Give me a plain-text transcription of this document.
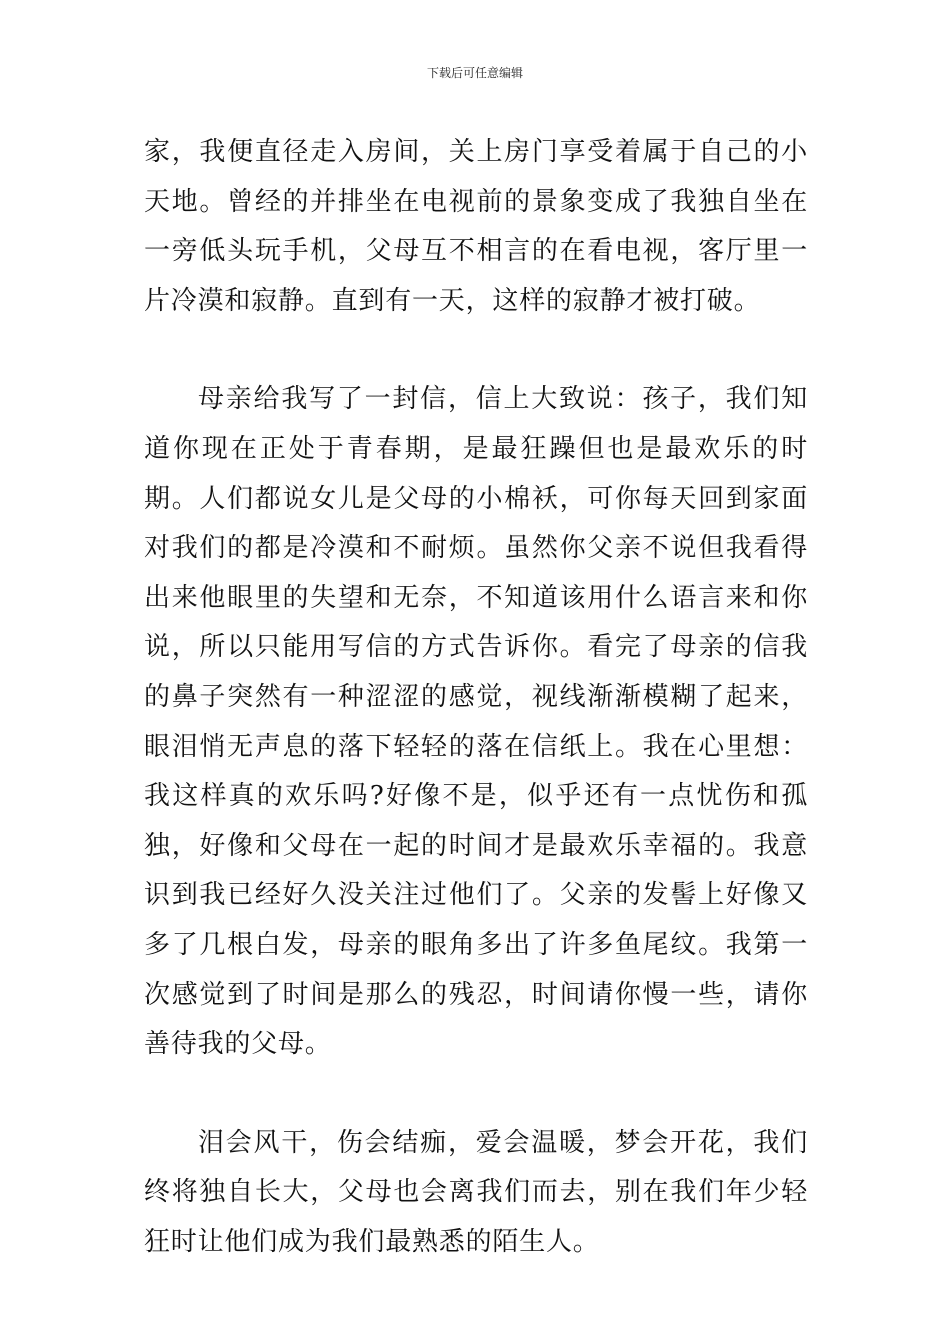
下载后可任意编辑

家，我便直径走入房间，关上房门享受着属于自己的小天地。曾经的并排坐在电视前的景象变成了我独自坐在一旁低头玩手机，父母互不相言的在看电视，客厅里一片冷漠和寂静。直到有一天，这样的寂静才被打破。

母亲给我写了一封信，信上大致说：孩子，我们知道你现在正处于青春期，是最狂躁但也是最欢乐的时期。人们都说女儿是父母的小棉袄，可你每天回到家面对我们的都是冷漠和不耐烦。虽然你父亲不说但我看得出来他眼里的失望和无奈，不知道该用什么语言来和你说，所以只能用写信的方式告诉你。看完了母亲的信我的鼻子突然有一种涩涩的感觉，视线渐渐模糊了起来，眼泪悄无声息的落下轻轻的落在信纸上。我在心里想：我这样真的欢乐吗?好像不是，似乎还有一点忧伤和孤独，好像和父母在一起的时间才是最欢乐幸福的。我意识到我已经好久没关注过他们了。父亲的发髻上好像又多了几根白发，母亲的眼角多出了许多鱼尾纹。我第一次感觉到了时间是那么的残忍，时间请你慢一些，请你善待我的父母。

泪会风干，伤会结痂，爱会温暖，梦会开花，我们终将独自长大，父母也会离我们而去，别在我们年少轻狂时让他们成为我们最熟悉的陌生人。
